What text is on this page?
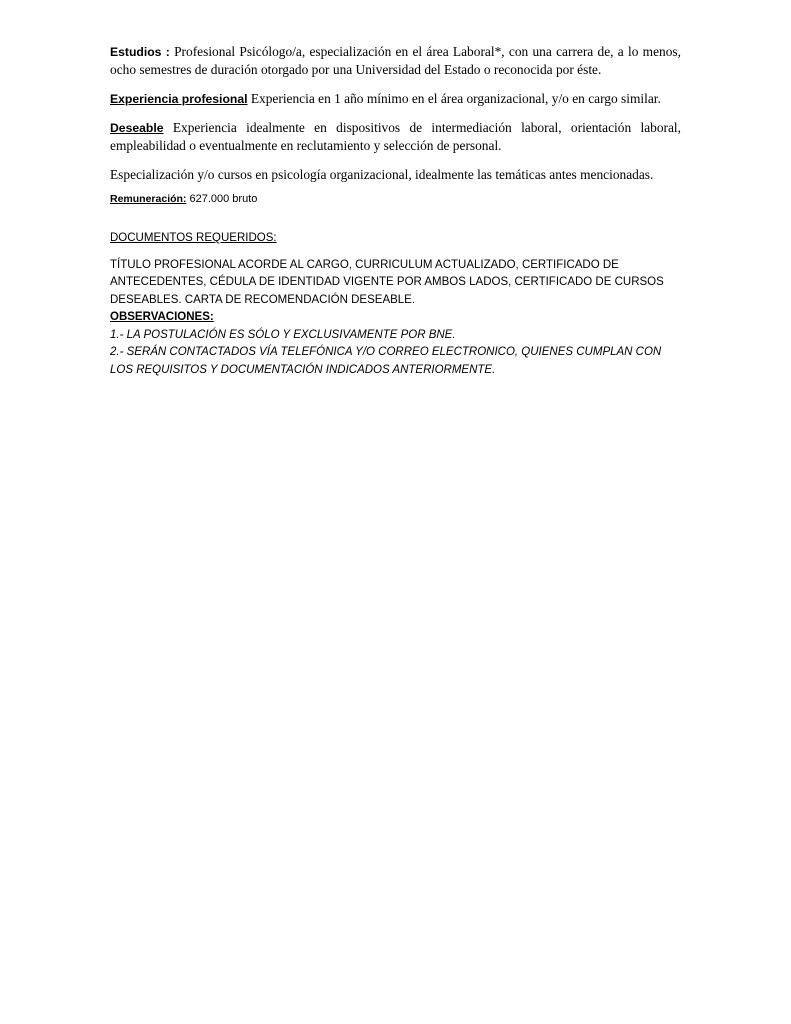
Estudios : Profesional Psicólogo/a, especialización en el área Laboral*, con una carrera de, a lo menos, ocho semestres de duración otorgado por una Universidad del Estado o reconocida por éste.

Experiencia profesional Experiencia en 1 año mínimo en el área organizacional, y/o en cargo similar.

Deseable Experiencia idealmente en dispositivos de intermediación laboral, orientación laboral, empleabilidad o eventualmente en reclutamiento y selección de personal.

Especialización y/o cursos en psicología organizacional, idealmente las temáticas antes mencionadas.

Remuneración: 627.000 bruto

DOCUMENTOS REQUERIDOS:

TÍTULO PROFESIONAL ACORDE AL CARGO, CURRICULUM ACTUALIZADO, CERTIFICADO DE ANTECEDENTES, CÉDULA DE IDENTIDAD VIGENTE POR AMBOS LADOS, CERTIFICADO DE CURSOS DESEABLES. CARTA DE RECOMENDACIÓN DESEABLE.

OBSERVACIONES:

1.- LA POSTULACIÓN ES SÓLO Y EXCLUSIVAMENTE POR BNE.

2.- SERÁN CONTACTADOS VÍA TELEFÓNICA Y/O CORREO ELECTRONICO, QUIENES CUMPLAN CON LOS REQUISITOS Y DOCUMENTACIÓN INDICADOS ANTERIORMENTE.
